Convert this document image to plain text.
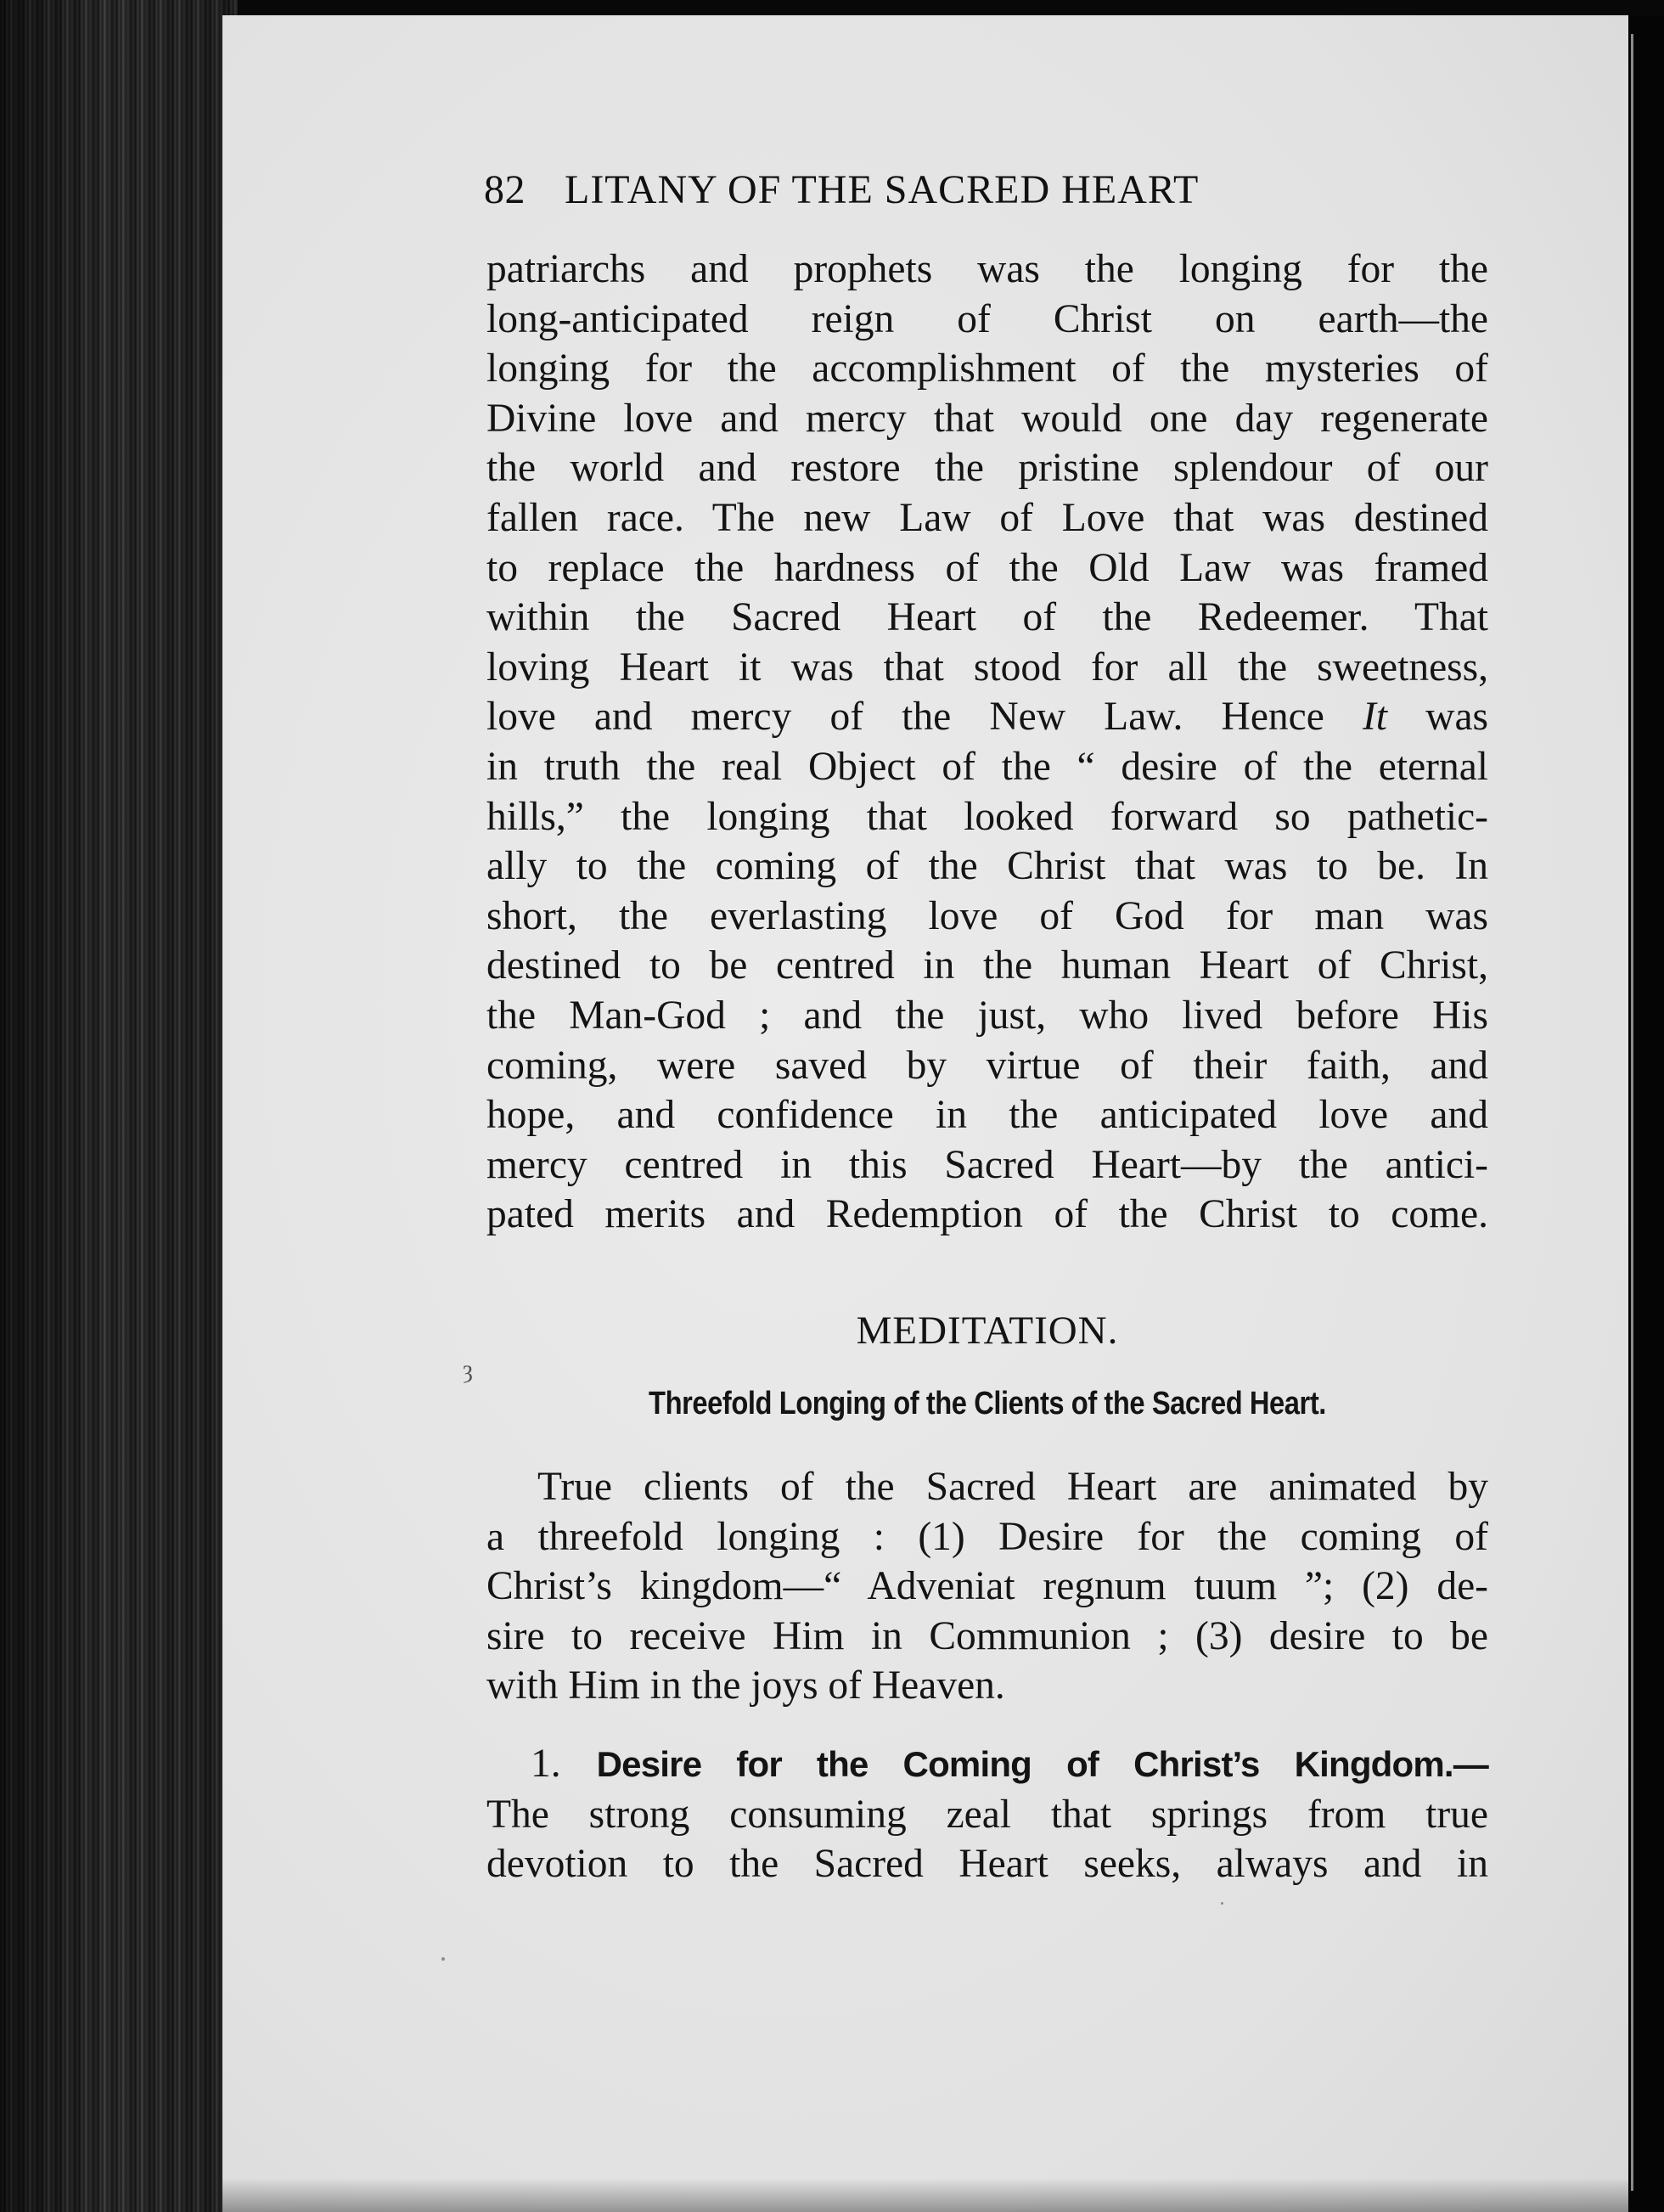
82 LITANY OF THE SACRED HEART

patriarchs and prophets was the longing for the
long-anticipated reign of Christ on earth—the
longing for the accomplishment of the mysteries of
Divine love and mercy that would one day regenerate
the world and restore the pristine splendour of our
fallen race. The new Law of Love that was destined
to replace the hardness of the Old Law was framed
within the Sacred Heart of the Redeemer. That
loving Heart it was that stood for all the sweetness,
love and mercy of the New Law. Hence It was
in truth the real Object of the “ desire of the eternal
hills,” the longing that looked forward so pathetic-
ally to the coming of the Christ that was to be. In
short, the everlasting love of God for man was
destined to be centred in the human Heart of Christ,
the Man-God ; and the just, who lived before His
coming, were saved by virtue of their faith, and
hope, and confidence in the anticipated love and
mercy centred in this Sacred Heart—by the antici-
pated merits and Redemption of the Christ to come.

MEDITATION.
ȝ
Threefold Longing of the Clients of the Sacred Heart.

True clients of the Sacred Heart are animated by
a threefold longing : (1) Desire for the coming of
Christ’s kingdom—“ Adveniat regnum tuum ”; (2) de-
sire to receive Him in Communion ; (3) desire to be
with Him in the joys of Heaven.

1. Desire for the Coming of Christ’s Kingdom.—
The strong consuming zeal that springs from true
devotion to the Sacred Heart seeks, always and in
